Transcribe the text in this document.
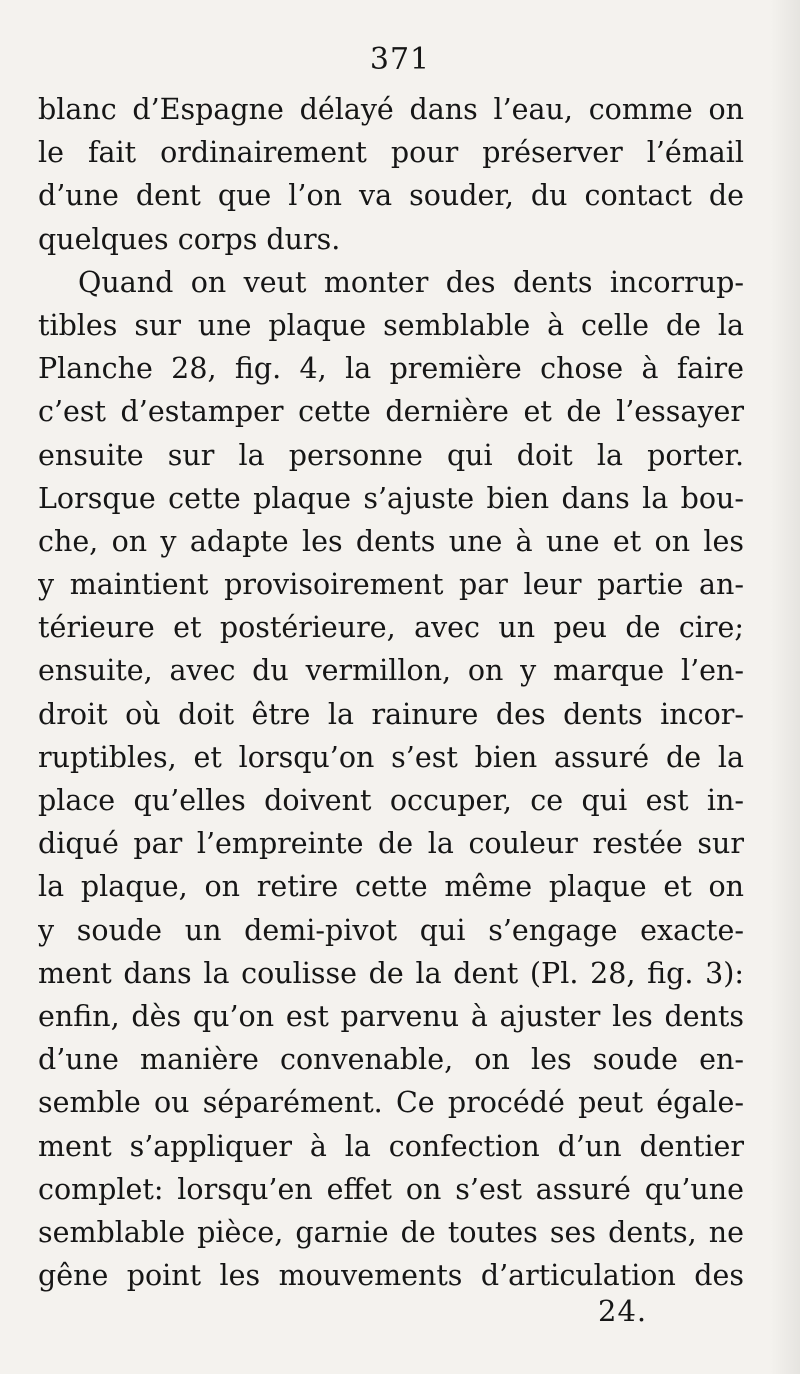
371
blanc d’Espagne délayé dans l’eau, comme on
le fait ordinairement pour préserver l’émail
d’une dent que l’on va souder, du contact de
quelques corps durs.
Quand on veut monter des dents incorrup-
tibles sur une plaque semblable à celle de la
Planche 28, fig. 4, la première chose à faire
c’est d’estamper cette dernière et de l’essayer
ensuite sur la personne qui doit la porter.
Lorsque cette plaque s’ajuste bien dans la bou-
che, on y adapte les dents une à une et on les
y maintient provisoirement par leur partie an-
térieure et postérieure, avec un peu de cire;
ensuite, avec du vermillon, on y marque l’en-
droit où doit être la rainure des dents incor-
ruptibles, et lorsqu’on s’est bien assuré de la
place qu’elles doivent occuper, ce qui est in-
diqué par l’empreinte de la couleur restée sur
la plaque, on retire cette même plaque et on
y soude un demi-pivot qui s’engage exacte-
ment dans la coulisse de la dent (Pl. 28, fig. 3):
enfin, dès qu’on est parvenu à ajuster les dents
d’une manière convenable, on les soude en-
semble ou séparément. Ce procédé peut égale-
ment s’appliquer à la confection d’un dentier
complet: lorsqu’en effet on s’est assuré qu’une
semblable pièce, garnie de toutes ses dents, ne
gêne point les mouvements d’articulation des
24.
